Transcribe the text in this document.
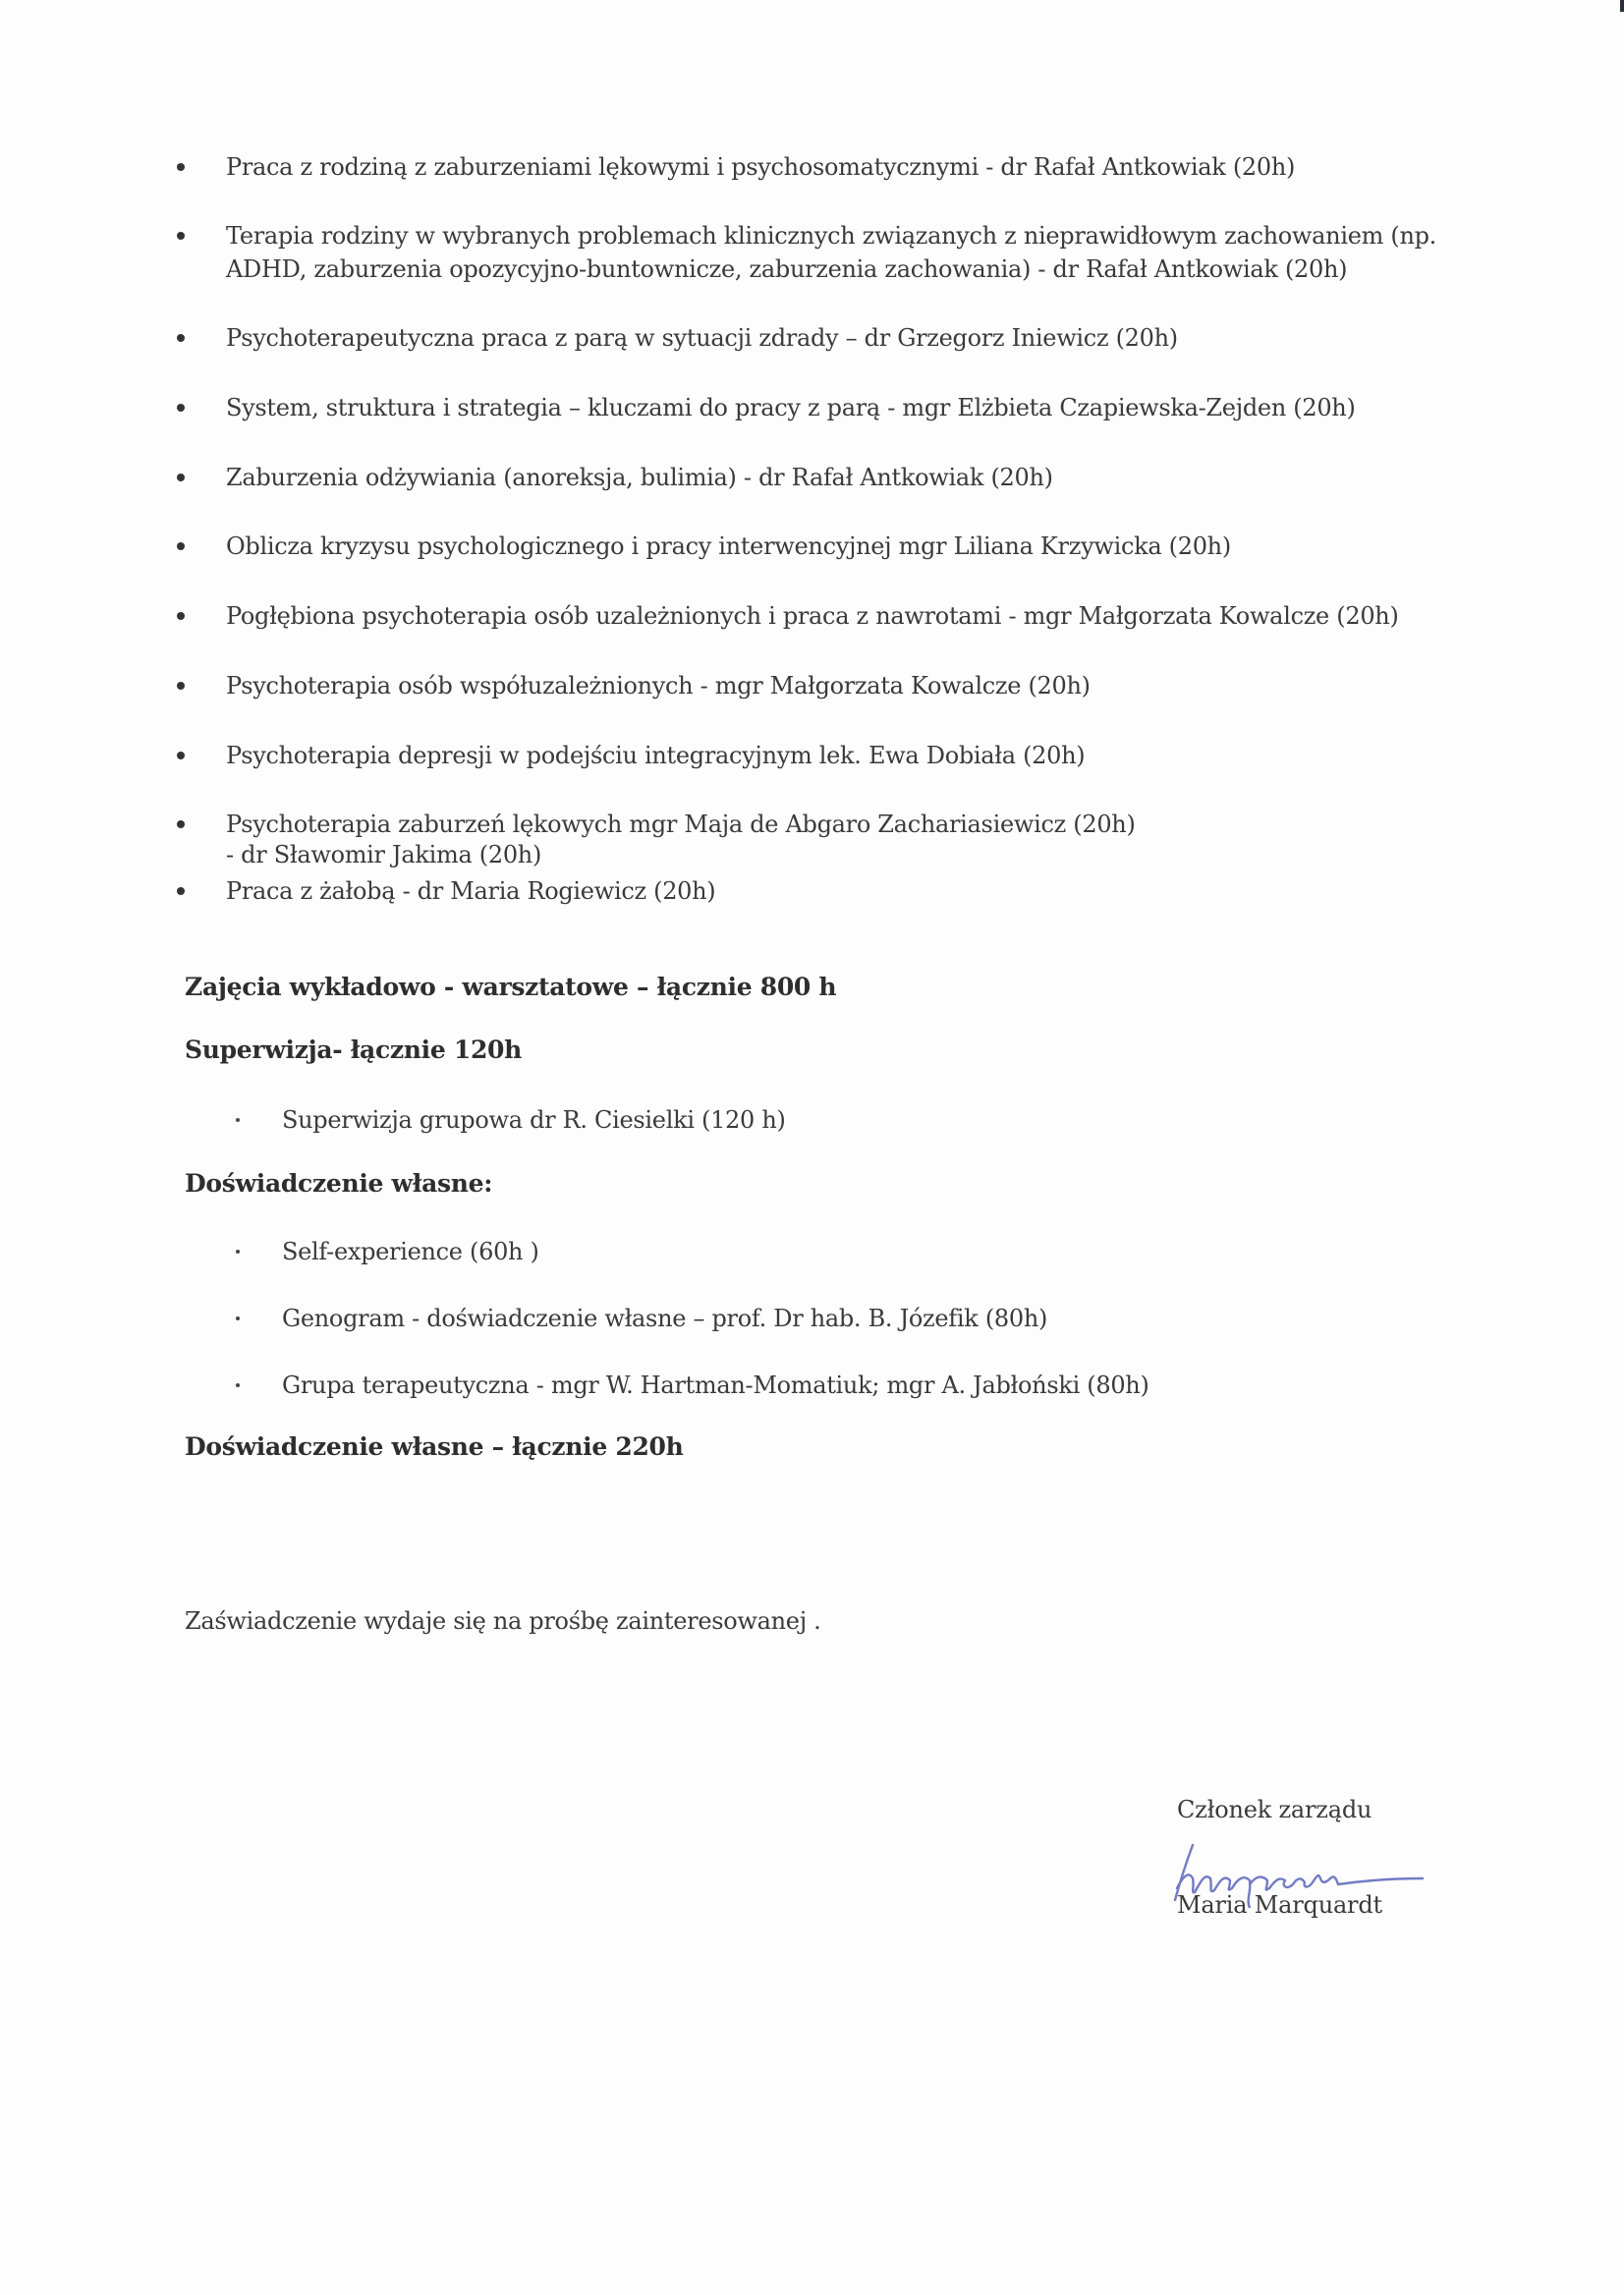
Praca z rodziną z zaburzeniami lękowymi i psychosomatycznymi - dr Rafał Antkowiak (20h)
Terapia rodziny w wybranych problemach klinicznych związanych z nieprawidłowym zachowaniem (np.
ADHD, zaburzenia opozycyjno-buntownicze, zaburzenia zachowania) - dr Rafał Antkowiak (20h)
Psychoterapeutyczna praca z parą w sytuacji zdrady – dr Grzegorz Iniewicz (20h)
System, struktura i strategia – kluczami do pracy z parą - mgr Elżbieta Czapiewska-Zejden (20h)
Zaburzenia odżywiania (anoreksja, bulimia) - dr Rafał Antkowiak (20h)
Oblicza kryzysu psychologicznego i pracy interwencyjnej mgr Liliana Krzywicka (20h)
Pogłębiona psychoterapia osób uzależnionych i praca z nawrotami - mgr Małgorzata Kowalcze (20h)
Psychoterapia osób współuzależnionych - mgr Małgorzata Kowalcze (20h)
Psychoterapia depresji w podejściu integracyjnym lek. Ewa Dobiała (20h)
Psychoterapia zaburzeń lękowych mgr Maja de Abgaro Zachariasiewicz (20h)
- dr Sławomir Jakima (20h)
Praca z żałobą - dr Maria Rogiewicz (20h)
Zajęcia wykładowo - warsztatowe – łącznie 800 h
Superwizja- łącznie 120h
Superwizja grupowa dr R. Ciesielki (120 h)
Doświadczenie własne:
Self-experience (60h )
Genogram - doświadczenie własne – prof. Dr hab. B. Józefik (80h)
Grupa terapeutyczna - mgr W. Hartman-Momatiuk; mgr A. Jabłoński (80h)
Doświadczenie własne – łącznie 220h
Zaświadczenie wydaje się na prośbę zainteresowanej .
Członek zarządu
Maria Marquardt
